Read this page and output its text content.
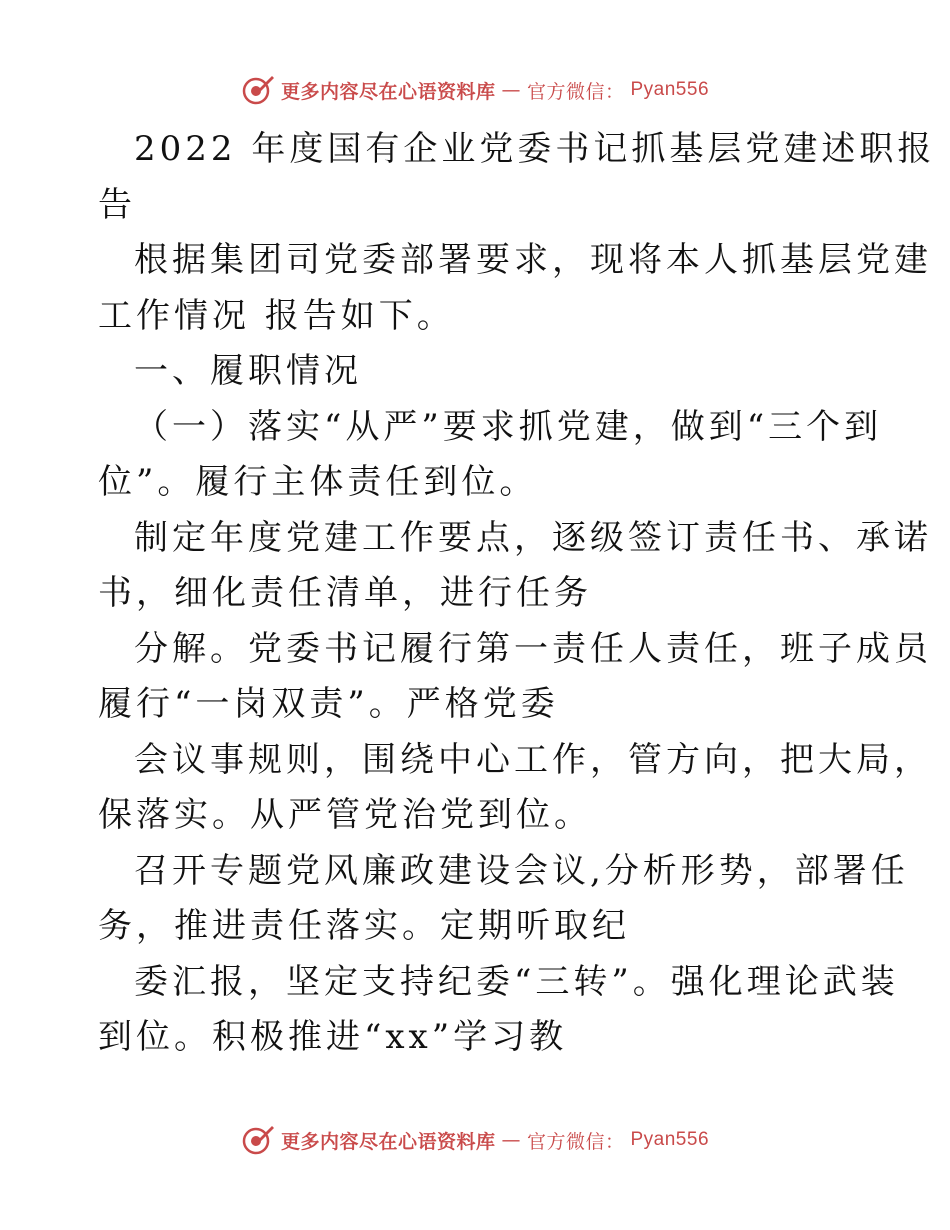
更多内容尽在心语资料库 — 官方微信： Pyan556
2022 年度国有企业党委书记抓基层党建述职报
告
根据集团司党委部署要求，现将本人抓基层党建
工作情况 报告如下。
一、履职情况
（一）落实“从严”要求抓党建，做到“三个到
位”。履行主体责任到位。
制定年度党建工作要点，逐级签订责任书、承诺
书，细化责任清单，进行任务
分解。党委书记履行第一责任人责任，班子成员
履行“一岗双责”。严格党委
会议事规则，围绕中心工作，管方向，把大局，
保落实。从严管党治党到位。
召开专题党风廉政建设会议,分析形势，部署任
务，推进责任落实。定期听取纪
委汇报，坚定支持纪委“三转”。强化理论武装
到位。积极推进“xx”学习教
更多内容尽在心语资料库 — 官方微信： Pyan556
